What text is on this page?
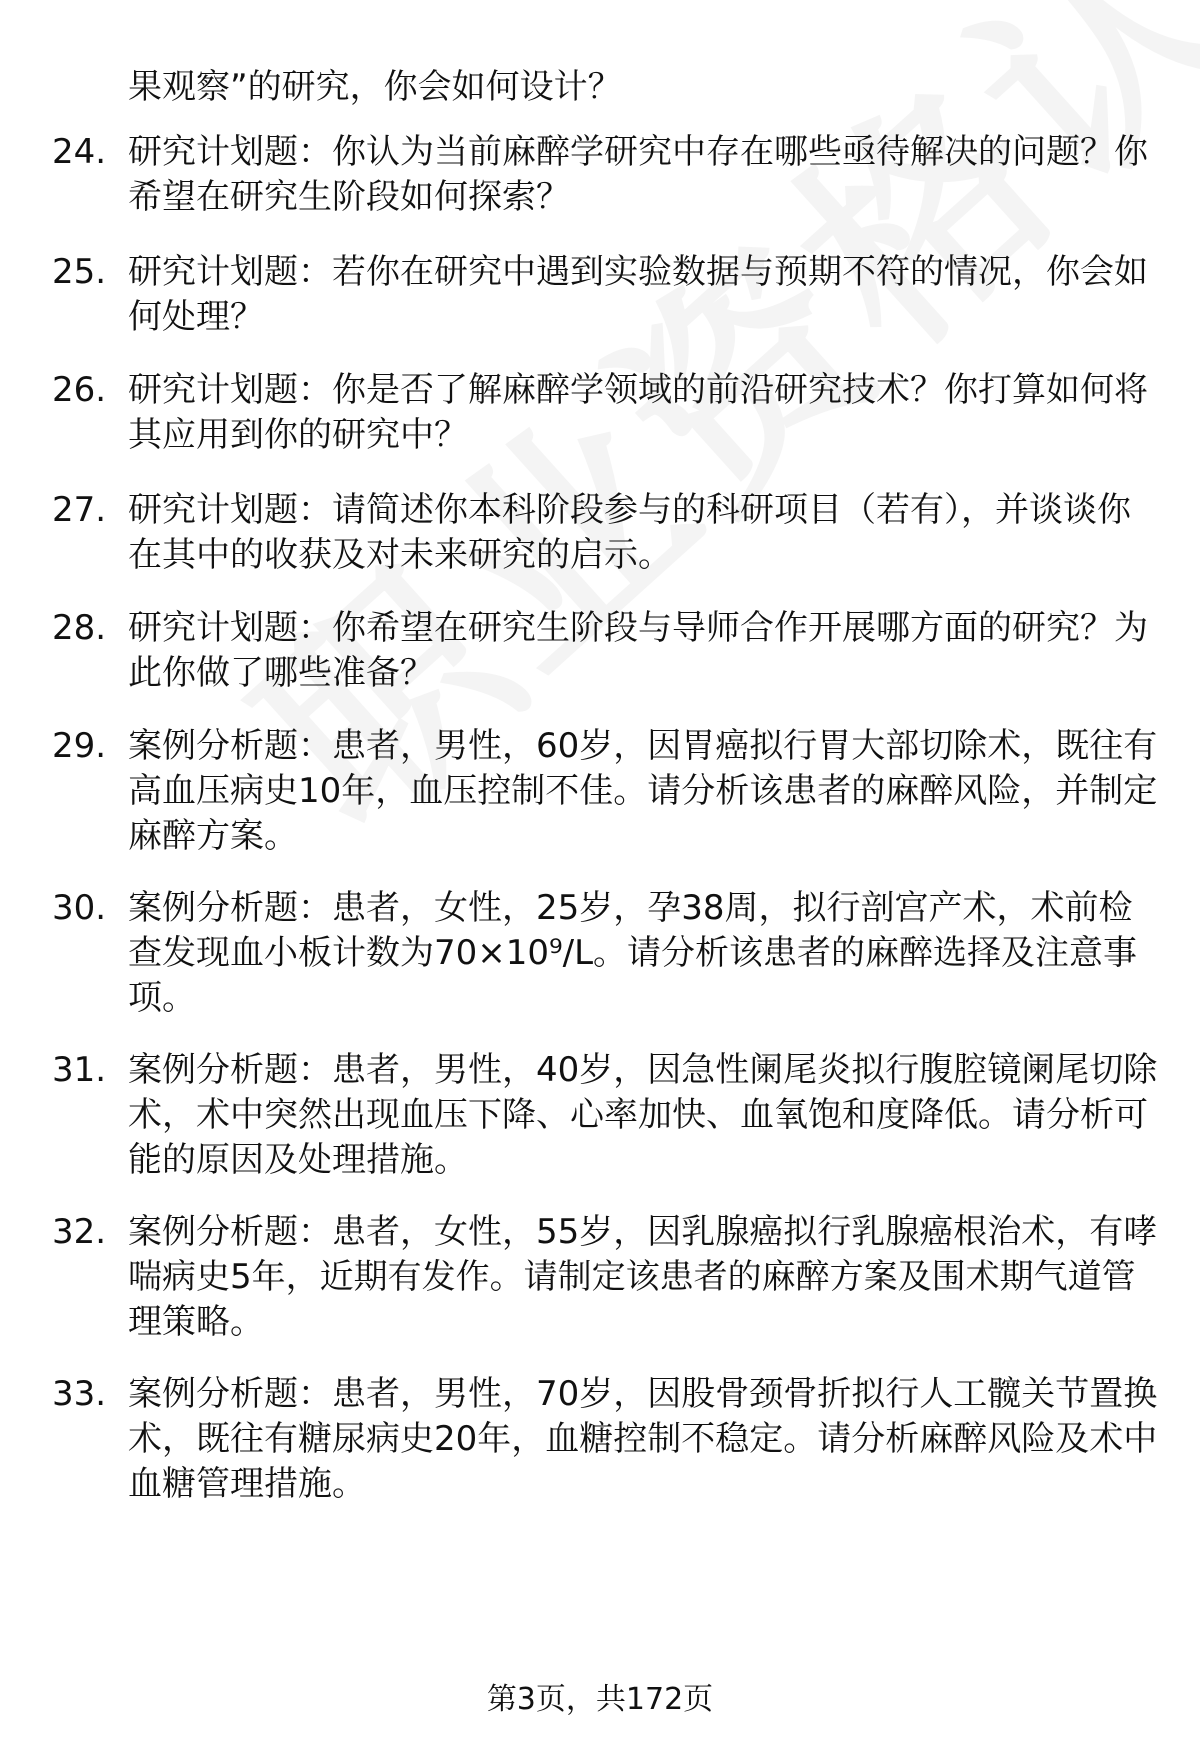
果观察”的研究，你会如何设计？
24. 研究计划题：你认为当前麻醉学研究中存在哪些亟待解决的问题？你希望在研究生阶段如何探索？
25. 研究计划题：若你在研究中遇到实验数据与预期不符的情况，你会如何处理？
26. 研究计划题：你是否了解麻醉学领域的前沿研究技术？你打算如何将其应用到你的研究中？
27. 研究计划题：请简述你本科阶段参与的科研项目（若有），并谈谈你在其中的收获及对未来研究的启示。
28. 研究计划题：你希望在研究生阶段与导师合作开展哪方面的研究？为此你做了哪些准备？
29. 案例分析题：患者，男性，60岁，因胃癌拟行胃大部切除术，既往有高血压病史10年，血压控制不佳。请分析该患者的麻醉风险，并制定麻醉方案。
30. 案例分析题：患者，女性，25岁，孕38周，拟行剖宫产术，术前检查发现血小板计数为70×10⁹/L。请分析该患者的麻醉选择及注意事项。
31. 案例分析题：患者，男性，40岁，因急性阑尾炎拟行腹腔镜阑尾切除术，术中突然出现血压下降、心率加快、血氧饱和度降低。请分析可能的原因及处理措施。
32. 案例分析题：患者，女性，55岁，因乳腺癌拟行乳腺癌根治术，有哮喘病史5年，近期有发作。请制定该患者的麻醉方案及围术期气道管理策略。
33. 案例分析题：患者，男性，70岁，因股骨颈骨折拟行人工髋关节置换术，既往有糖尿病史20年，血糖控制不稳定。请分析麻醉风险及术中血糖管理措施。
第3页，共172页
